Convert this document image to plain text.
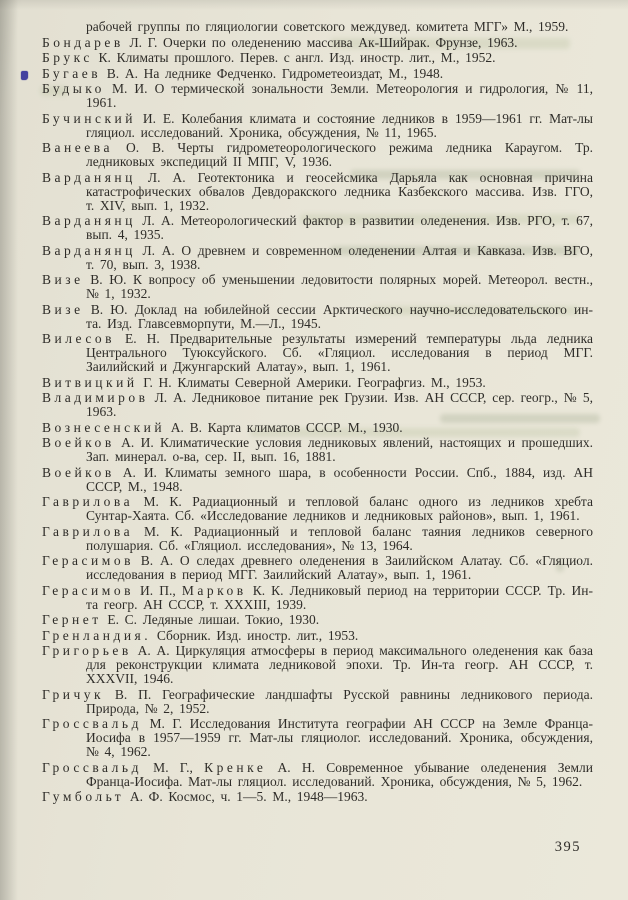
рабочей группы по гляциологии советского междувед. комитета МГГ» М., 1959.

Бондарев Л. Г. Очерки по оледенению массива Ак-Шийрак. Фрунзе, 1963.

Брукс К. Климаты прошлого. Перев. с англ. Изд. иностр. лит., М., 1952.

Бугаев В. А. На леднике Федченко. Гидрометеоиздат, М., 1948.

Будыко М. И. О термической зональности Земли. Метеорология и гидрология, № 11, 1961.

Бучинский И. Е. Колебания климата и состояние ледников в 1959—1961 гг. Мат-лы гляциол. исследований. Хроника, обсуждения, № 11, 1965.

Ванеева О. В. Черты гидрометеорологического режима ледника Караугом. Тр. ледниковых экспедиций II МПГ, V, 1936.

Варданянц Л. А. Геотектоника и геосейсмика Дарьяла как основная причина катастрофических обвалов Девдоракского ледника Казбекского массива. Изв. ГГО, т. XIV, вып. 1, 1932.

Варданянц Л. А. Метеорологический фактор в развитии оледенения. Изв. РГО, т. 67, вып. 4, 1935.

Варданянц Л. А. О древнем и современном оледенении Алтая и Кавказа. Изв. ВГО, т. 70, вып. 3, 1938.

Визе В. Ю. К вопросу об уменьшении ледовитости полярных морей. Метеорол. вестн., № 1, 1932.

Визе В. Ю. Доклад на юбилейной сессии Арктического научно-исследовательского ин-та. Изд. Главсевморпути, М.—Л., 1945.

Вилесов Е. Н. Предварительные результаты измерений температуры льда ледника Центрального Туюксуйского. Сб. «Гляциол. исследования в период МГГ. Заилийский и Джунгарский Алатау», вып. 1, 1961.

Витвицкий Г. Н. Климаты Северной Америки. Географгиз. М., 1953.

Владимиров Л. А. Ледниковое питание рек Грузии. Изв. АН СССР, сер. геогр., № 5, 1963.

Вознесенский А. В. Карта климатов СССР. М., 1930.

Воейков А. И. Климатические условия ледниковых явлений, настоящих и прошедших. Зап. минерал. о-ва, сер. II, вып. 16, 1881.

Воейков А. И. Климаты земного шара, в особенности России. Спб., 1884, изд. АН СССР, М., 1948.

Гаврилова М. К. Радиационный и тепловой баланс одного из ледников хребта Сунтар-Хаята. Сб. «Исследование ледников и ледниковых районов», вып. 1, 1961.

Гаврилова М. К. Радиационный и тепловой баланс таяния ледников северного полушария. Сб. «Гляциол. исследования», № 13, 1964.

Герасимов В. А. О следах древнего оледенения в Заилийском Алатау. Сб. «Гляциол. исследования в период МГГ. Заилийский Алатау», вып. 1, 1961.

Герасимов И. П., Марков К. К. Ледниковый период на территории СССР. Тр. Ин-та геогр. АН СССР, т. XXXIII, 1939.

Гернет Е. С. Ледяные лишаи. Токио, 1930.

Гренландия. Сборник. Изд. иностр. лит., 1953.

Григорьев А. А. Циркуляция атмосферы в период максимального оледенения как база для реконструкции климата ледниковой эпохи. Тр. Ин-та геогр. АН СССР, т. XXXVII, 1946.

Гричук В. П. Географические ландшафты Русской равнины ледникового периода. Природа, № 2, 1952.

Гроссвальд М. Г. Исследования Института географии АН СССР на Земле Франца-Иосифа в 1957—1959 гг. Мат-лы гляциолог. исследований. Хроника, обсуждения, № 4, 1962.

Гроссвальд М. Г., Кренке А. Н. Современное убывание оледенения Земли Франца-Иосифа. Мат-лы гляциол. исследований. Хроника, обсуждения, № 5, 1962.

Гумбольт А. Ф. Космос, ч. 1—5. М., 1948—1963.

395
